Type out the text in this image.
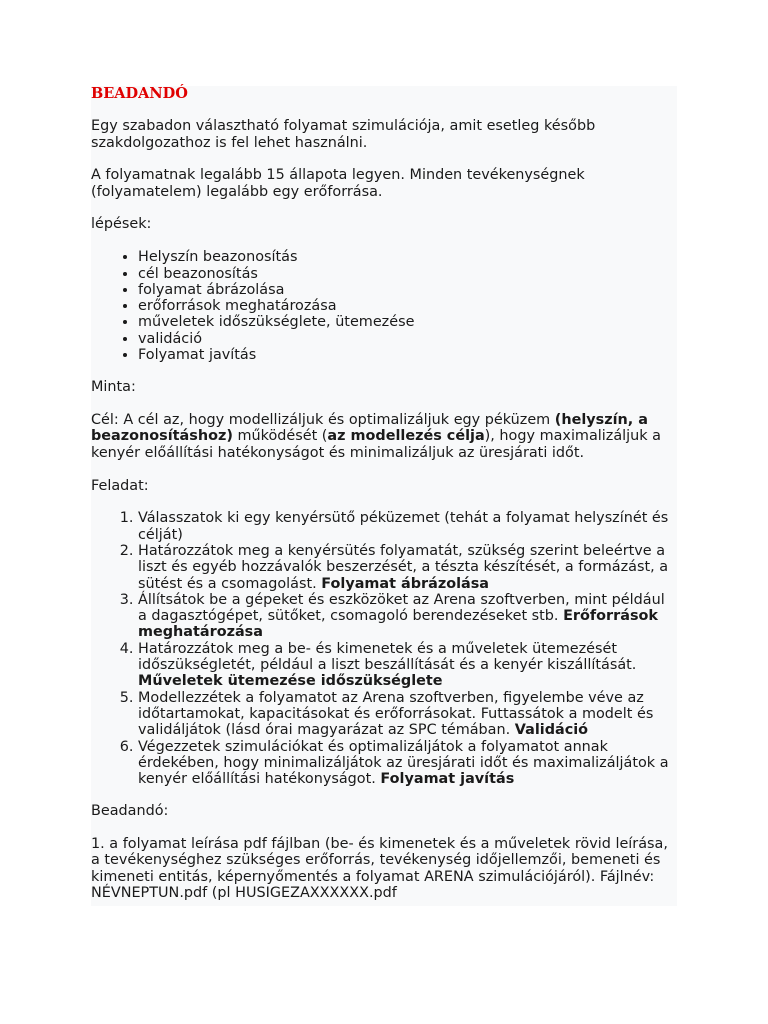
BEADANDÓ

Egy szabadon választható folyamat szimulációja, amit esetleg később szakdolgozathoz is fel lehet használni.

A folyamatnak legalább 15 állapota legyen. Minden tevékenységnek (folyamatelem) legalább egy erőforrása.

lépések:

• Helyszín beazonosítás
• cél beazonosítás
• folyamat ábrázolása
• erőforrások meghatározása
• műveletek időszükséglete, ütemezése
• validáció
• Folyamat javítás

Minta:

Cél: A cél az, hogy modellizáljuk és optimalizáljuk egy péküzem (helyszín, a beazonosításhoz) működését (az modellezés célja), hogy maximalizáljuk a kenyér előállítási hatékonyságot és minimalizáljuk az üresjárati időt.

Feladat:

1. Válasszatok ki egy kenyérsütő péküzemet (tehát a folyamat helyszínét és célját)
2. Határozzátok meg a kenyérsütés folyamatát, szükség szerint beleértve a liszt és egyéb hozzávalók beszerzését, a tészta készítését, a formázást, a sütést és a csomagolást. Folyamat ábrázolása
3. Állítsátok be a gépeket és eszközöket az Arena szoftverben, mint például a dagasztógépet, sütőket, csomagoló berendezéseket stb. Erőforrások meghatározása
4. Határozzátok meg a be- és kimenetek és a műveletek ütemezését időszükségletét, például a liszt beszállítását és a kenyér kiszállítását. Műveletek ütemezése időszükséglete
5. Modellezzétek a folyamatot az Arena szoftverben, figyelembe véve az időtartamokat, kapacitásokat és erőforrásokat. Futtassátok a modelt és validáljátok (lásd órai magyarázat az SPC témában. Validáció
6. Végezzetek szimulációkat és optimalizáljátok a folyamatot annak érdekében, hogy minimalizáljátok az üresjárati időt és maximalizáljátok a kenyér előállítási hatékonyságot. Folyamat javítás

Beadandó:

1. a folyamat leírása pdf fájlban (be- és kimenetek és a műveletek rövid leírása, a tevékenységhez szükséges erőforrás, tevékenység időjellemzői, bemeneti és kimeneti entitás, képernyőmentés a folyamat ARENA szimulációjáról). Fájlnév: NÉVNEPTUN.pdf (pl HUSIGEZAXXXXXX.pdf
